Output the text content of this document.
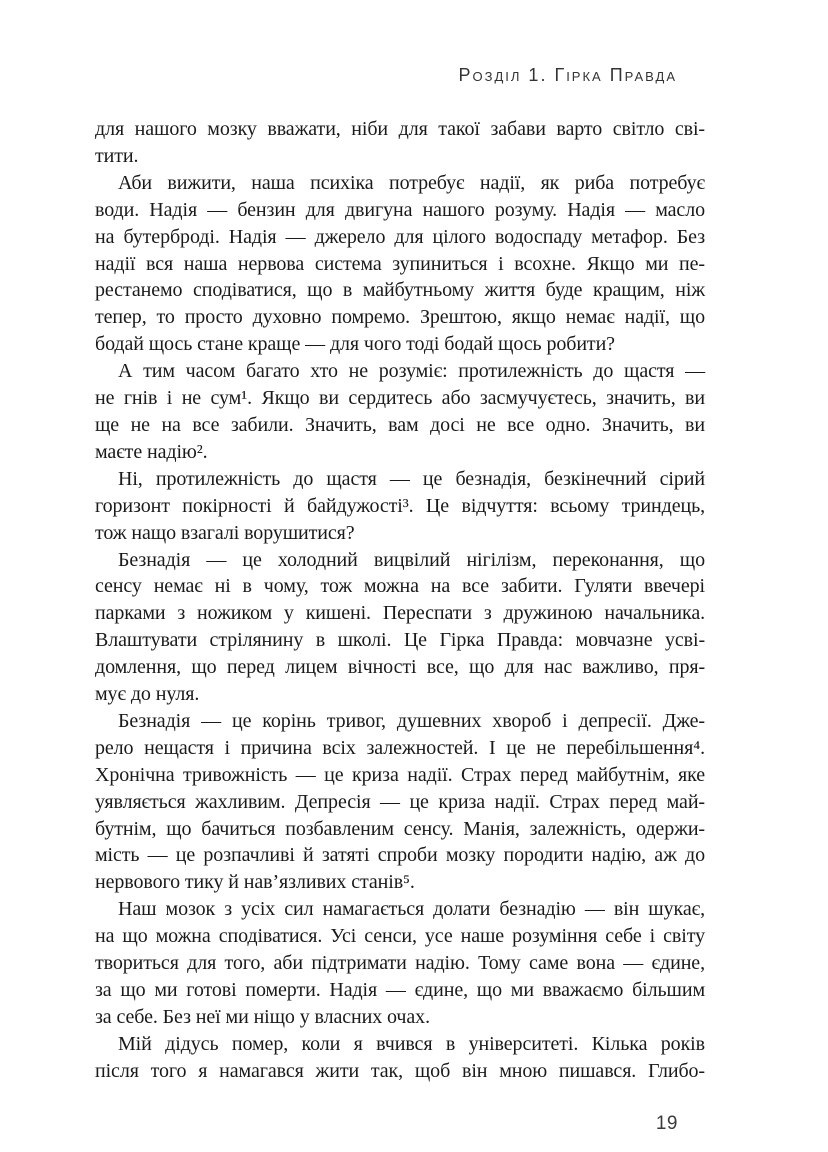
Розділ 1. Гірка Правда

для нашого мозку вважати, ніби для такої забави варто світло сві-
тити.

Аби вижити, наша психіка потребує надії, як риба потребує
води. Надія — бензин для двигуна нашого розуму. Надія — масло
на бутерброді. Надія — джерело для цілого водоспаду метафор. Без
надії вся наша нервова система зупиниться і всохне. Якщо ми пе-
рестанемо сподіватися, що в майбутньому життя буде кращим, ніж
тепер, то просто духовно помремо. Зрештою, якщо немає надії, що
бодай щось стане краще — для чого тоді бодай щось робити?

А тим часом багато хто не розуміє: протилежність до щастя —
не гнів і не сум¹. Якщо ви сердитесь або засмучуєтесь, значить, ви
ще не на все забили. Значить, вам досі не все одно. Значить, ви
маєте надію².

Ні, протилежність до щастя — це безнадія, безкінечний сірий
горизонт покірності й байдужості³. Це відчуття: всьому триндець,
тож нащо взагалі ворушитися?

Безнадія — це холодний вицвілий нігілізм, переконання, що
сенсу немає ні в чому, тож можна на все забити. Гуляти ввечері
парками з ножиком у кишені. Переспати з дружиною начальника.
Влаштувати стрілянину в школі. Це Гірка Правда: мовчазне усві-
домлення, що перед лицем вічності все, що для нас важливо, пря-
мує до нуля.

Безнадія — це корінь тривог, душевних хвороб і депресії. Дже-
рело нещастя і причина всіх залежностей. І це не перебільшення⁴.
Хронічна тривожність — це криза надії. Страх перед майбутнім, яке
уявляється жахливим. Депресія — це криза надії. Страх перед май-
бутнім, що бачиться позбавленим сенсу. Манія, залежність, одержи-
мість — це розпачливі й затяті спроби мозку породити надію, аж до
нервового тику й нав’язливих станів⁵.

Наш мозок з усіх сил намагається долати безнадію — він шукає,
на що можна сподіватися. Усі сенси, усе наше розуміння себе і світу
твориться для того, аби підтримати надію. Тому саме вона — єдине,
за що ми готові померти. Надія — єдине, що ми вважаємо більшим
за себе. Без неї ми ніщо у власних очах.

Мій дідусь помер, коли я вчився в університеті. Кілька років
після того я намагався жити так, щоб він мною пишався. Глибо-

19
